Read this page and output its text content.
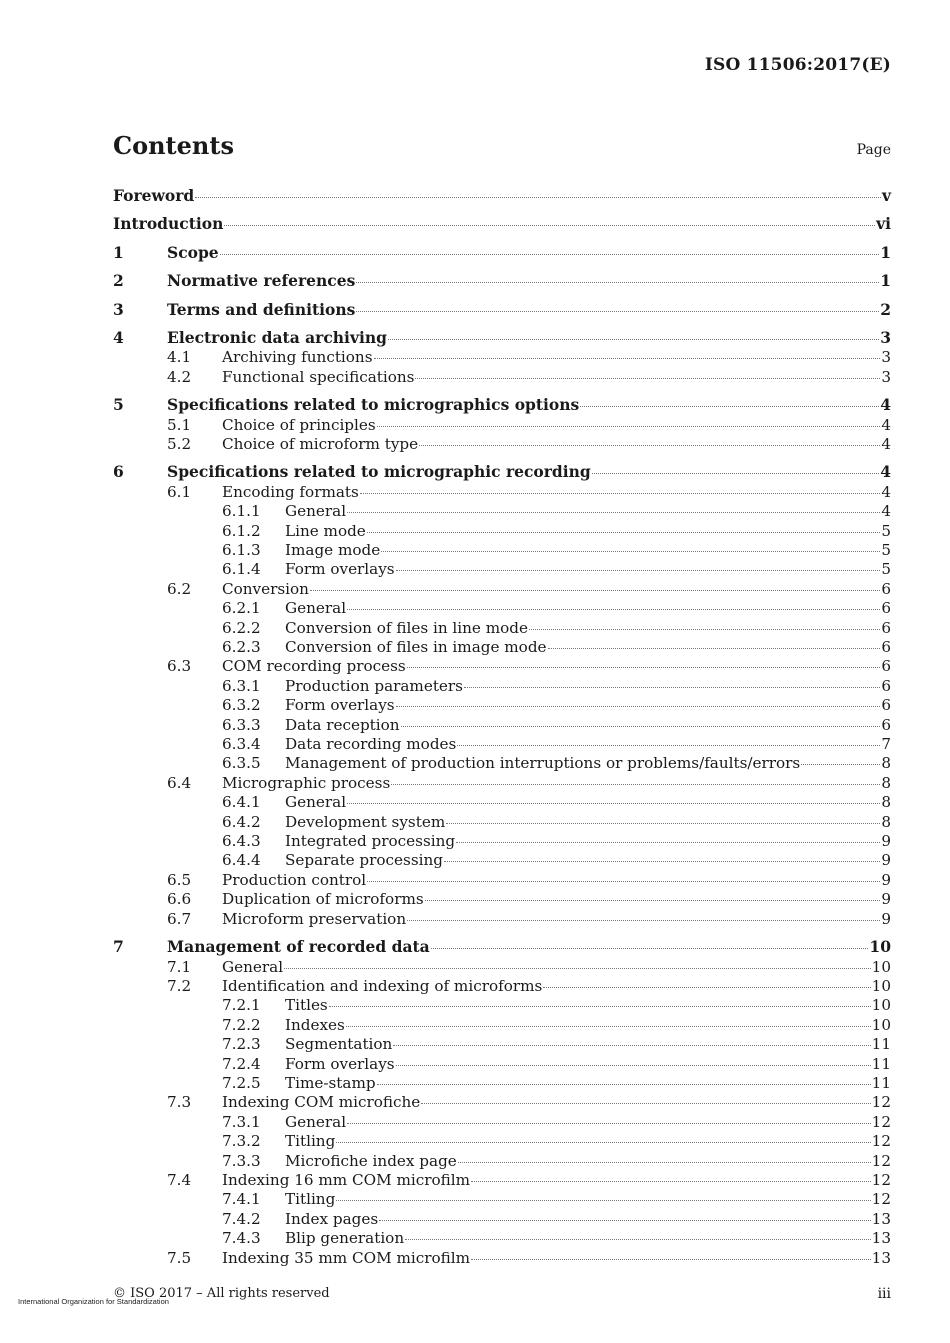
ISO 11506:2017(E)
Contents	Page
Foreword	v
Introduction	vi
1	Scope	1
2	Normative references	1
3	Terms and definitions	2
4	Electronic data archiving	3
4.1 Archiving functions	3
4.2 Functional specifications	3
5	Specifications related to micrographics options	4
5.1 Choice of principles	4
5.2 Choice of microform type	4
6	Specifications related to micrographic recording	4
6.1 Encoding formats	4
6.1.1 General	4
6.1.2 Line mode	5
6.1.3 Image mode	5
6.1.4 Form overlays	5
6.2 Conversion	6
6.2.1 General	6
6.2.2 Conversion of files in line mode	6
6.2.3 Conversion of files in image mode	6
6.3 COM recording process	6
6.3.1 Production parameters	6
6.3.2 Form overlays	6
6.3.3 Data reception	6
6.3.4 Data recording modes	7
6.3.5 Management of production interruptions or problems/faults/errors	8
6.4 Micrographic process	8
6.4.1 General	8
6.4.2 Development system	8
6.4.3 Integrated processing	9
6.4.4 Separate processing	9
6.5 Production control	9
6.6 Duplication of microforms	9
6.7 Microform preservation	9
7	Management of recorded data	10
7.1 General	10
7.2 Identification and indexing of microforms	10
7.2.1 Titles	10
7.2.2 Indexes	10
7.2.3 Segmentation	11
7.2.4 Form overlays	11
7.2.5 Time-stamp	11
7.3 Indexing COM microfiche	12
7.3.1 General	12
7.3.2 Titling	12
7.3.3 Microfiche index page	12
7.4 Indexing 16 mm COM microfilm	12
7.4.1 Titling	12
7.4.2 Index pages	13
7.4.3 Blip generation	13
7.5 Indexing 35 mm COM microfilm	13
© ISO 2017 – All rights reserved
International Organization for Standardization	iii
